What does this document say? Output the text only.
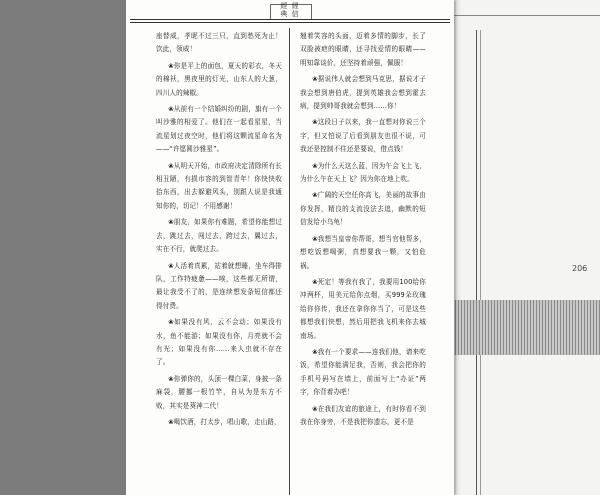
206
經 經
典 信

座替威，孝昵不过三只，直到愁死为止！饮此，领威！

❀你是平上的面包，夏天的彩衣，冬天的棉袄，黑夜里的灯光，山东人的大葱，四川人的辣椒。

❀从前有一个结婚纠纷的剧，旗有一个叫沙雅的相爱了。他们在一起看星星，当流星划过夜空时，他们将这颗流星命名为——“许愿圆沙雅星”。

❀从明天开始，市政府决定清除所有长相丑陋，有损市容的到智青年！你快快收拾东西，出去躲避风头，别跟人说是我通知你的，切记！不用感谢！

❀朋友，如果你有难题，希望你能想过去，跳过去，闯过去，跨过去，翼过去，实在不行，就爬过去。

❀人活着真累，站着就想睡，坐车得排队，工作特疲惫——唉，这些都无所谓，最让我受不了的，是连续想发条短信都还得付费。

❀如果没有风，云不会动；如果没有水，鱼不能游；如果没有你，月亮就不会有光；如果没有你……来人虫就不存在了。

❀你弹你的，头顶一棵白菜，身披一条麻袋，腰挪一根竹竿，自从为是东方不败，其实是葵神二代！

❀喝饮酒，打太步，唱山歌，走山路，

翘着笑容的头面，迈着多情的脚步，长了双脸被疤的眼睛，还寻找爱情的眼睛——明知靠谈价，还坚持着顽强，佩服！

❀据说伟人就会想到马克思，据说才子我会想到唐伯虎，提到英雄我会想到霍去病，提到帅哥我就会想到……你！

❀这段日子以来，我一直想对你说三个字，但又怕说了后看到朋友也很不说，可我还是控制不住还是要说，借点钱！

❀为什么天这么蓝，因为午会飞上飞，为什么午在天上飞？因为你在地上吹。

❀广阔的天空任你高飞，美丽的故事由你发挥，精良的支流没法去追，幽默的短信发给小乌龟！

❀我想当皇帝你帮哥，想当官他帮多，想吃饭想喝粥，真想要我一颗，又怕危祸。

❀死定！等我有我了，我要用100给你冲两杯，用美元给你点烟，买999朵玫瑰给你你传，我还在拿你你当了，可是这些都想我们快想，然后用把我飞机来你去城南场。

❀我有一个要求——连我们他，请来吃饭，希望你能满足我，否则，我会把你的手机号码写在墙上，前面写上“办证”两字，你背着办吧！

❀在我们友谊的旅途上，有时你看不到我在你身旁，不是我把你遗忘，更不是
